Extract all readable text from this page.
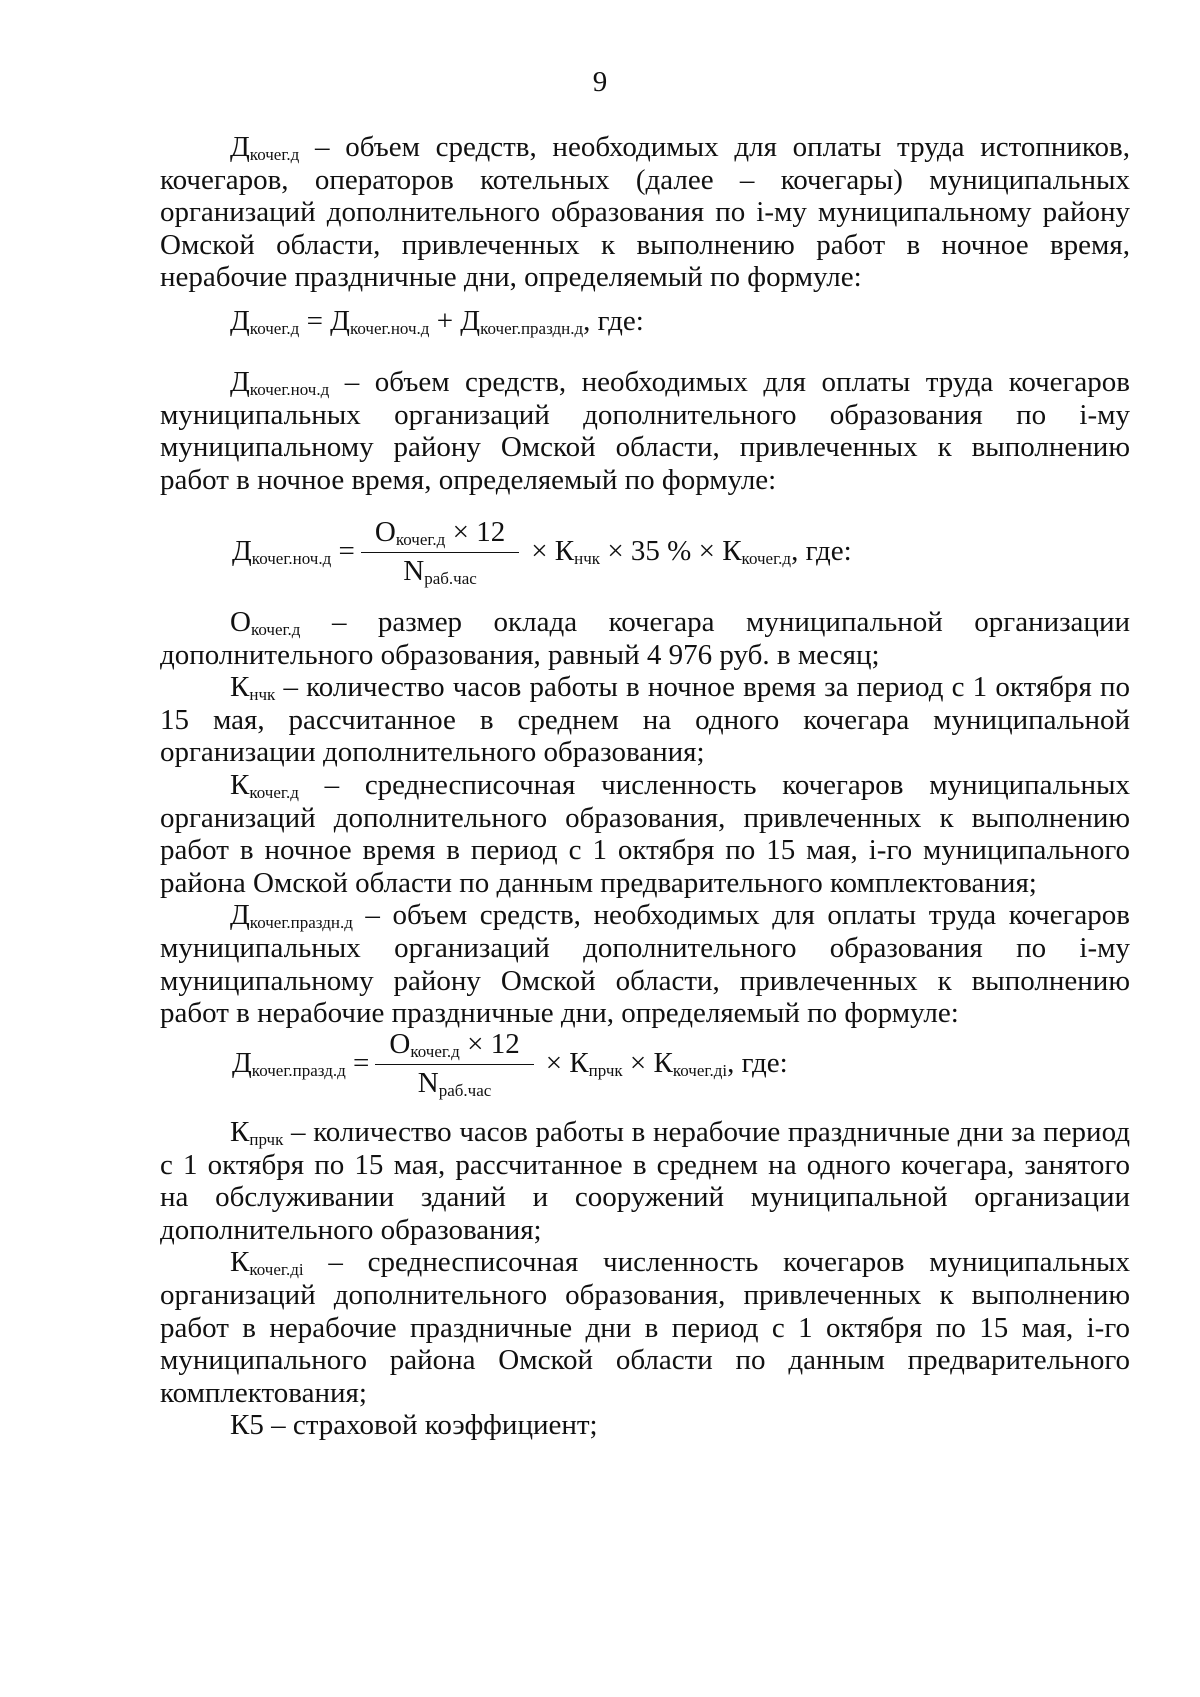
9

$Д_{кочег.д}$ – объем средств, необходимых для оплаты труда истопников, кочегаров, операторов котельных (далее – кочегары) муниципальных организаций дополнительного образования по i-му муниципальному району Омской области, привлеченных к выполнению работ в ночное время, нерабочие праздничные дни, определяемый по формуле:

$Д_{кочег.д} = Д_{кочег.ноч.д} + Д_{кочег.праздн.д}$, где:

$Д_{кочег.ноч.д}$ – объем средств, необходимых для оплаты труда кочегаров муниципальных организаций дополнительного образования по i-му муниципальному району Омской области, привлеченных к выполнению работ в ночное время, определяемый по формуле:

$Д_{кочег.ноч.д} = \frac{О_{кочег.д} \times 12}{N_{раб.час}} \times К_{нчк} \times 35$ % × $К_{кочег.д}$, где:

$О_{кочег.д}$ – размер оклада кочегара муниципальной организации дополнительного образования, равный 4 976 руб. в месяц;

$К_{нчк}$ – количество часов работы в ночное время за период с 1 октября по 15 мая, рассчитанное в среднем на одного кочегара муниципальной организации дополнительного образования;

$К_{кочег.д}$ – среднесписочная численность кочегаров муниципальных организаций дополнительного образования, привлеченных к выполнению работ в ночное время в период с 1 октября по 15 мая, i-го муниципального района Омской области по данным предварительного комплектования;

$Д_{кочег.праздн.д}$ – объем средств, необходимых для оплаты труда кочегаров муниципальных организаций дополнительного образования по i-му муниципальному району Омской области, привлеченных к выполнению работ в нерабочие праздничные дни, определяемый по формуле:

$Д_{кочег.празд.д} = \frac{О_{кочег.д} \times 12}{N_{раб.час}} \times К_{прчк} \times К_{кочег.дi}$, где:

$К_{прчк}$ – количество часов работы в нерабочие праздничные дни за период с 1 октября по 15 мая, рассчитанное в среднем на одного кочегара, занятого на обслуживании зданий и сооружений муниципальной организации дополнительного образования;

$К_{кочег.дi}$ – среднесписочная численность кочегаров муниципальных организаций дополнительного образования, привлеченных к выполнению работ в нерабочие праздничные дни в период с 1 октября по 15 мая, i-го муниципального района Омской области по данным предварительного комплектования;

К5 – страховой коэффициент;
